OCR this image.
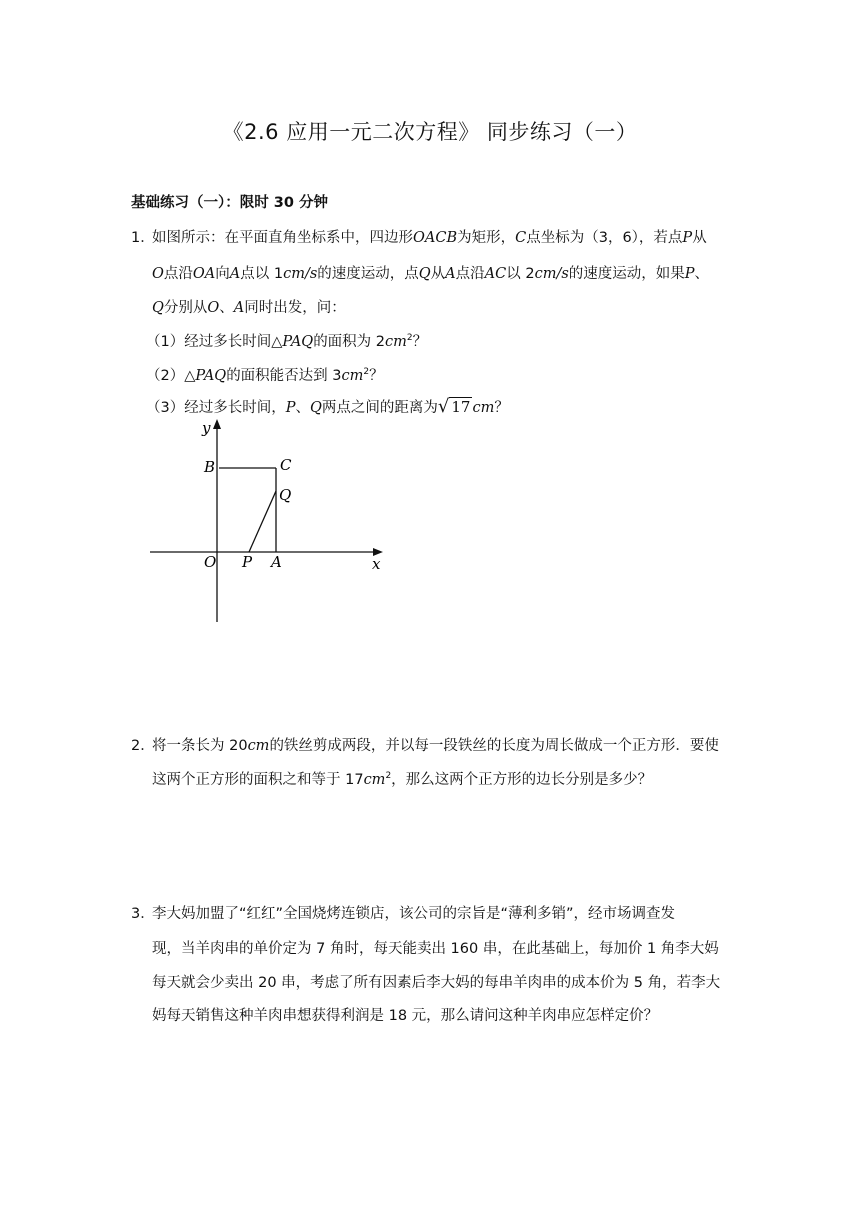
《2.6 应用一元二次方程》 同步练习（一）
基础练习（一）：限时 30 分钟
1．
如图所示：在平面直角坐标系中，四边形OACB为矩形，C点坐标为（3，6），若点P从
O点沿OA向A点以 1cm/s的速度运动，点Q从A点沿AC以 2cm/s的速度运动，如果P、
Q分别从O、A同时出发，问：
（1）经过多长时间△PAQ的面积为 $2cm^2$？
（2）△PAQ的面积能否达到 $3cm^2$？
（3）经过多长时间，P、Q两点之间的距离为√ 17 cm？
y
x
B	C
Q
O P A
2．
将一条长为 20cm的铁丝剪成两段，并以每一段铁丝的长度为周长做成一个正方形．要使
这两个正方形的面积之和等于 $17cm^2$，那么这两个正方形的边长分别是多少？
3．
李大妈加盟了“红红”全国烧烤连锁店，该公司的宗旨是“薄利多销”，经市场调查发
现，当羊肉串的单价定为 7 角时，每天能卖出 160 串，在此基础上，每加价 1 角李大妈
每天就会少卖出 20 串，考虑了所有因素后李大妈的每串羊肉串的成本价为 5 角，若李大
妈每天销售这种羊肉串想获得利润是 18 元，那么请问这种羊肉串应怎样定价？
